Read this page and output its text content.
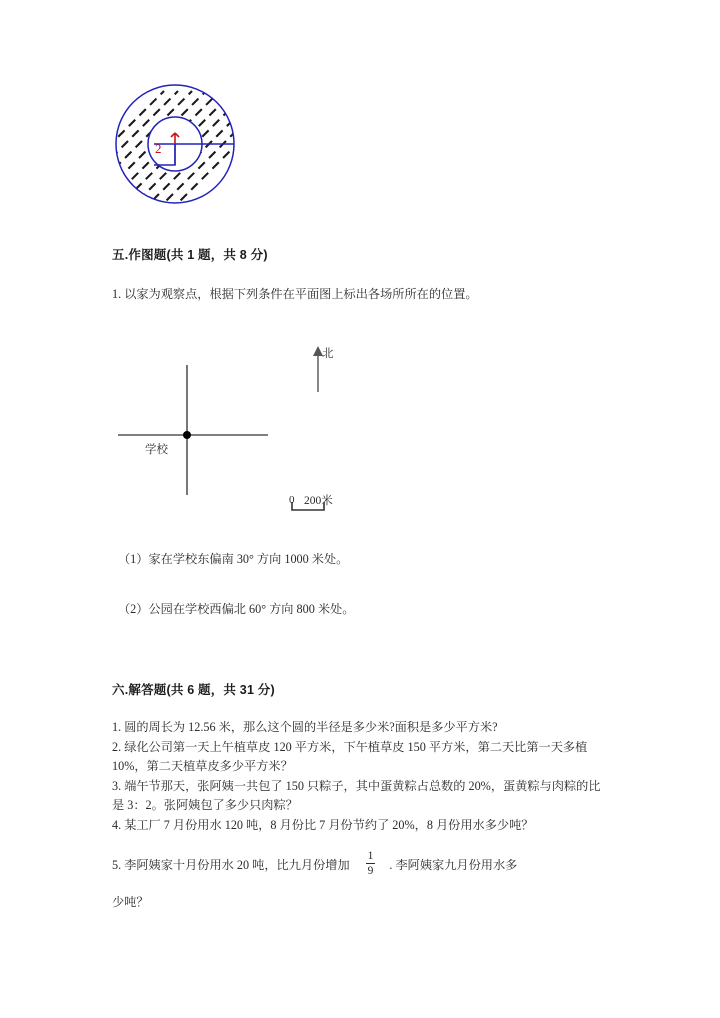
2
五.作图题(共 1 题，共 8 分)
1. 以家为观察点，根据下列条件在平面图上标出各场所所在的位置。
学校
北
0 200米
（1）家在学校东偏南 30° 方向 1000 米处。
（2）公园在学校西偏北 60° 方向 800 米处。
六.解答题(共 6 题，共 31 分)
1. 圆的周长为 12.56 米，那么这个圆的半径是多少米?面积是多少平方米?
2. 绿化公司第一天上午植草皮 120 平方米，下午植草皮 150 平方米，第二天比第一天多植 10%，第二天植草皮多少平方米？
3. 端午节那天，张阿姨一共包了 150 只粽子，其中蛋黄粽占总数的 20%，蛋黄粽与肉粽的比是 3：2。张阿姨包了多少只肉粽？
4. 某工厂 7 月份用水 120 吨，8 月份比 7 月份节约了 20%，8 月份用水多少吨？
5. 李阿姨家十月份用水 20 吨，比九月份增加 $\frac{1}{9}$ . 李阿姨家九月份用水多
少吨？
